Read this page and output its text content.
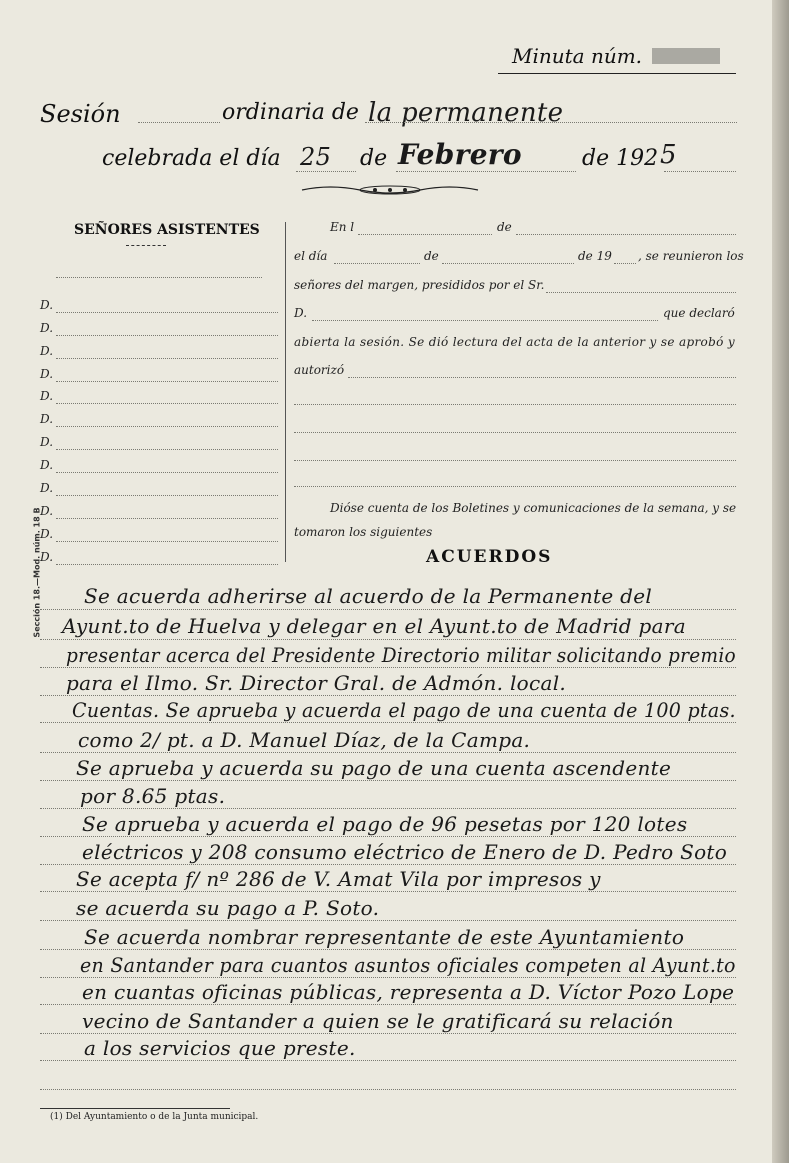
Minuta núm.
Sesión	ordinaria de la permanente
celebrada el día 25 de Febrero	de 192 5
SEÑORES ASISTENTES
D.
D.
D.
D.
D.
D.
D.
D.
D.
D.
D.
D.
Sección 18.—Mod. núm. 18 B
En l	de
el día	de	de 19 , se reunieron los
señores del margen, presididos por el Sr.
D.	que declaró
abierta la sesión. Se dió lectura del acta de la anterior y se aprobó y
autorizó
Dióse cuenta de los Boletines y comunicaciones de la semana, y se
tomaron los siguientes
ACUERDOS
Se acuerda adherirse al acuerdo de la Permanente del
Ayunt.to de Huelva y delegar en el Ayunt.to de Madrid para
presentar acerca del Presidente Directorio militar solicitando premio
para el Ilmo. Sr. Director Gral. de Admón. local.
Cuentas. Se aprueba y acuerda el pago de una cuenta de 100 ptas.
como 2/ pt. a D. Manuel Díaz, de la Campa.
Se aprueba y acuerda su pago de una cuenta ascendente
por 8.65 ptas.
Se aprueba y acuerda el pago de 96 pesetas por 120 lotes
eléctricos y 208 consumo eléctrico de Enero de D. Pedro Soto
Se acepta f/ nº 286 de V. Amat Vila por impresos y
se acuerda su pago a P. Soto.
Se acuerda nombrar representante de este Ayuntamiento
en Santander para cuantos asuntos oficiales competen al Ayunt.to
en cuantas oficinas públicas, representa a D. Víctor Pozo Lope
vecino de Santander a quien se le gratificará su relación
a los servicios que preste.
(1) Del Ayuntamiento o de la Junta municipal.
